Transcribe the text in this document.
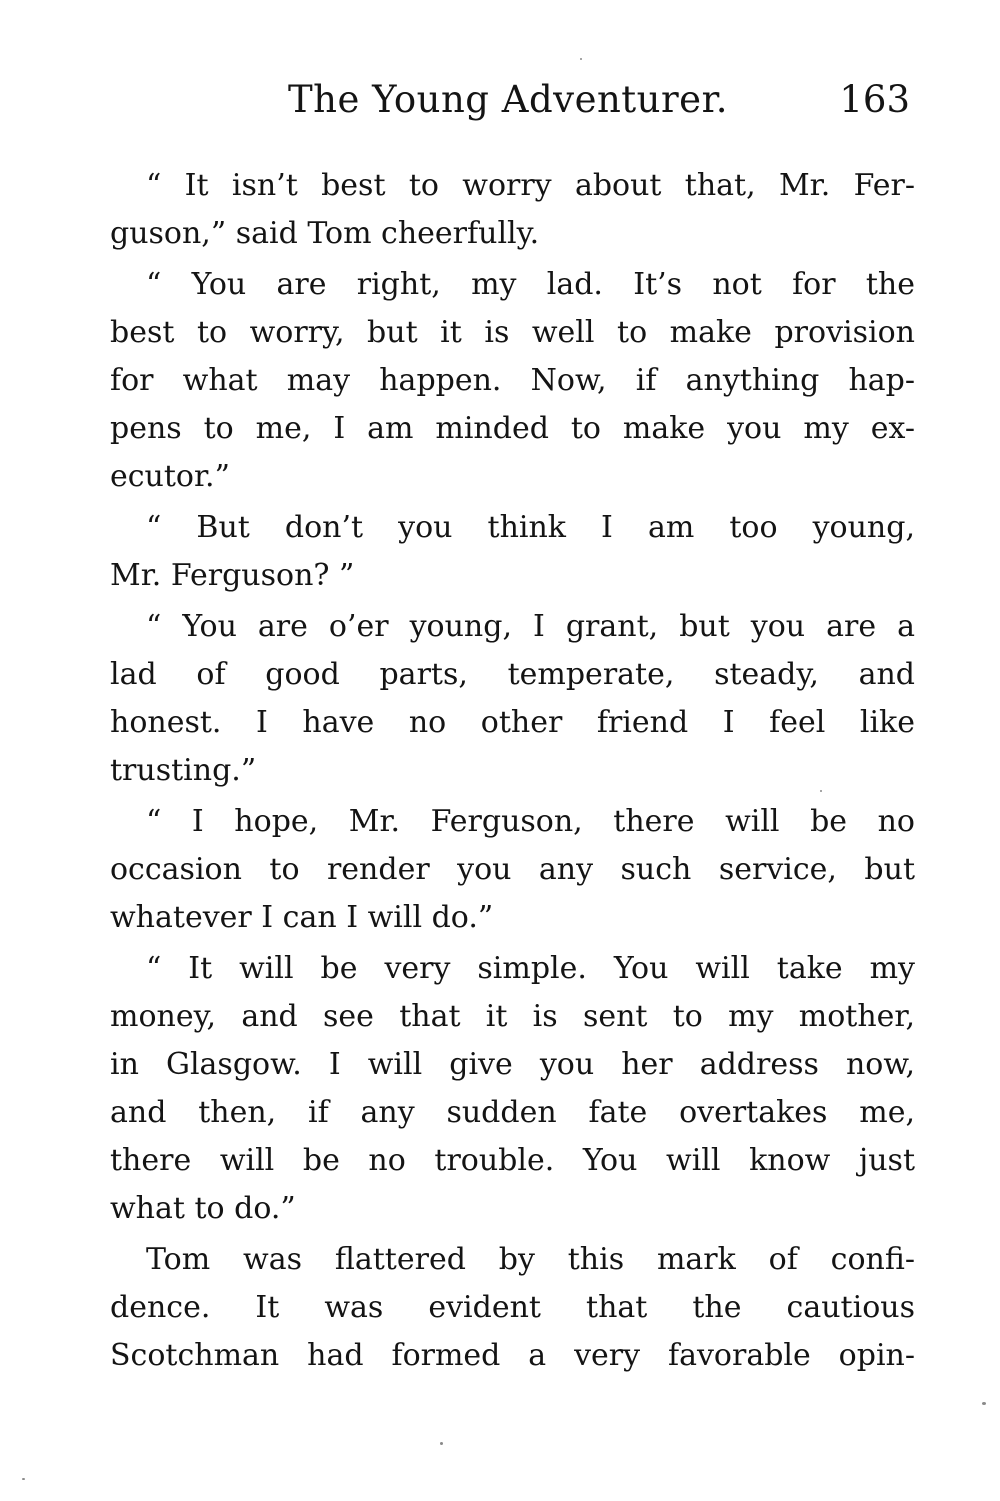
The Young Adventurer.	163
“ It isn’t best to worry about that, Mr. Fer-
guson,” said Tom cheerfully.
“ You are right, my lad. It’s not for the
best to worry, but it is well to make provision
for what may happen. Now, if anything hap-
pens to me, I am minded to make you my ex-
ecutor.”
“ But don’t you think I am too young,
Mr. Ferguson? ”
“ You are o’er young, I grant, but you are a
lad of good parts, temperate, steady, and
honest. I have no other friend I feel like
trusting.”
“ I hope, Mr. Ferguson, there will be no
occasion to render you any such service, but
whatever I can I will do.”
“ It will be very simple. You will take my
money, and see that it is sent to my mother,
in Glasgow. I will give you her address now,
and then, if any sudden fate overtakes me,
there will be no trouble. You will know just
what to do.”
Tom was flattered by this mark of confi-
dence. It was evident that the cautious
Scotchman had formed a very favorable opin-
